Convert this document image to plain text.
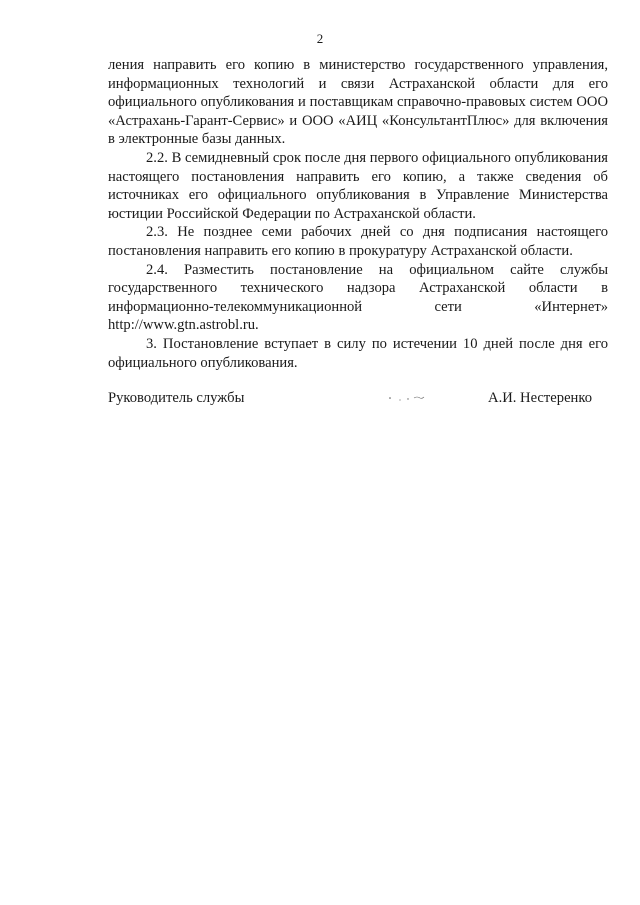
2

ления направить его копию в министерство государственного управления, информационных технологий и связи Астраханской области для его официального опубликования и поставщикам справочно-правовых систем ООО «Астрахань-Гарант-Сервис» и ООО «АИЦ «КонсультантПлюс» для включения в электронные базы данных.

2.2. В семидневный срок после дня первого официального опубликования настоящего постановления направить его копию, а также сведения об источниках его официального опубликования в Управление Министерства юстиции Российской Федерации по Астраханской области.

2.3. Не позднее семи рабочих дней со дня подписания настоящего постановления направить его копию в прокуратуру Астраханской области.

2.4. Разместить постановление на официальном сайте службы государственного технического надзора Астраханской области в информационно-телекоммуникационной сети «Интернет» http://www.gtn.astrobl.ru.

3. Постановление вступает в силу по истечении 10 дней после дня его официального опубликования.

Руководитель службы	А.И. Нестеренко
